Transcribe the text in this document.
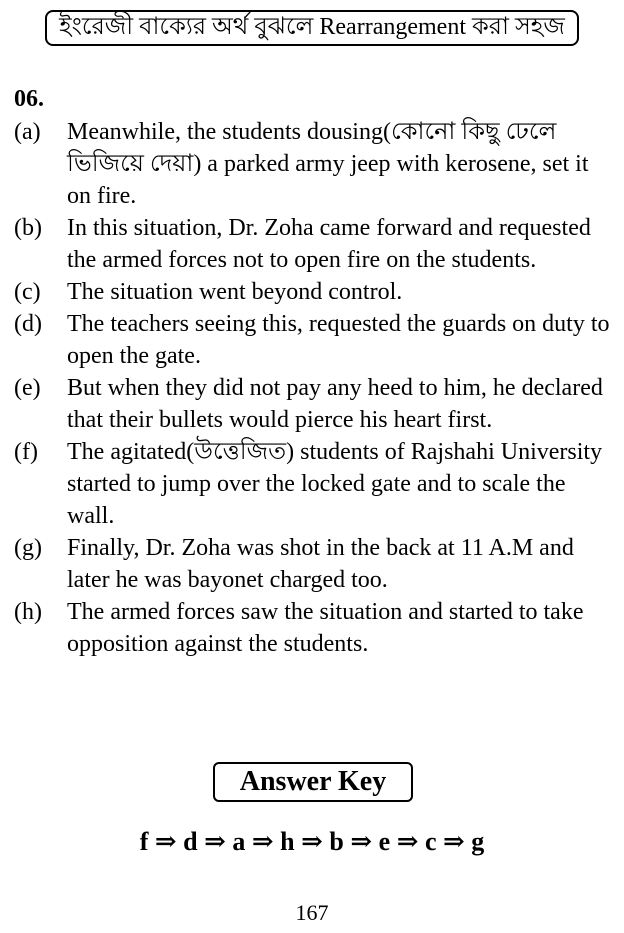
ইংরেজী বাক্যের অর্থ বুঝলে Rearrangement করা সহজ
06.
(a)	Meanwhile, the students dousing(কোনো কিছু ঢেলে ভিজিয়ে দেয়া) a parked army jeep with kerosene, set it on fire.
(b)	In this situation, Dr. Zoha came forward and requested the armed forces not to open fire on the students.
(c)	The situation went beyond control.
(d)	The teachers seeing this, requested the guards on duty to open the gate.
(e)	But when they did not pay any heed to him, he declared that their bullets would pierce his heart first.
(f)	The agitated(উত্তেজিত) students of Rajshahi University started to jump over the locked gate and to scale the wall.
(g)	Finally, Dr. Zoha was shot in the back at 11 A.M and later he was bayonet charged too.
(h)	The armed forces saw the situation and started to take opposition against the students.
Answer Key
f ⇒ d ⇒ a ⇒ h ⇒ b ⇒ e ⇒ c ⇒ g
167
